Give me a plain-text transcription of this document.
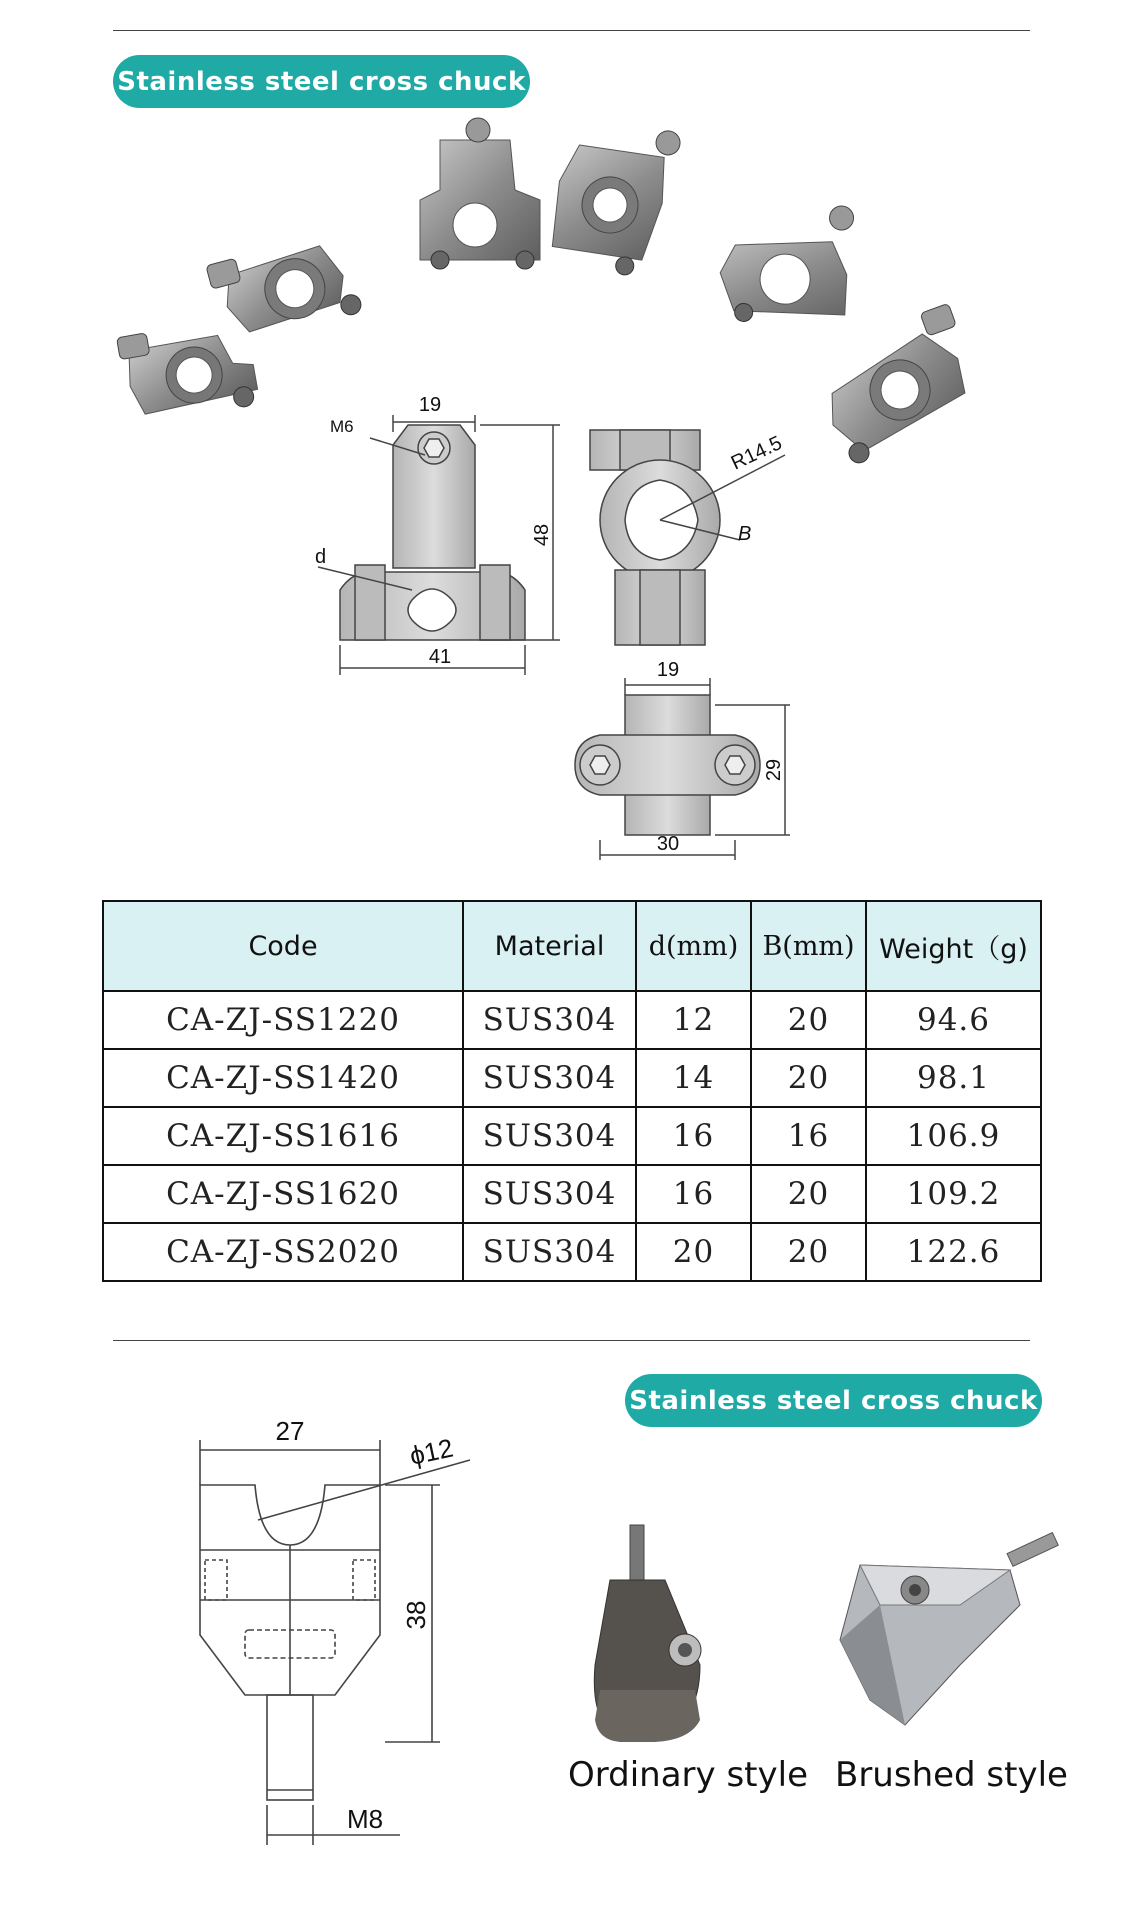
Stainless steel cross chuck
19
M6
48
d
41
R14.5
B
19
29
30
Code	Material	d(mm)	B(mm)	Weight（g)
CA-ZJ-SS1220	SUS304	12	20	94.6
CA-ZJ-SS1420	SUS304	14	20	98.1
CA-ZJ-SS1616	SUS304	16	16	106.9
CA-ZJ-SS1620	SUS304	16	20	109.2
CA-ZJ-SS2020	SUS304	20	20	122.6
Stainless steel cross chuck
27
ϕ12
38
M8
Ordinary style Brushed style
